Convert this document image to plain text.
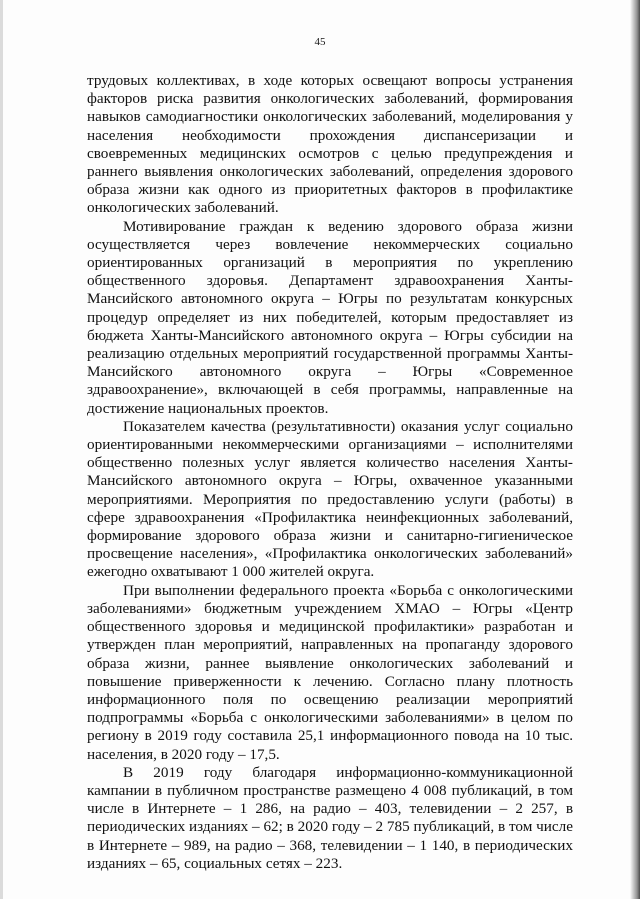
45

трудовых коллективах, в ходе которых освещают вопросы устранения факторов риска развития онкологических заболеваний, формирования навыков самодиагностики онкологических заболеваний, моделирования у населения необходимости прохождения диспансеризации и своевременных медицинских осмотров с целью предупреждения и раннего выявления онкологических заболеваний, определения здорового образа жизни как одного из приоритетных факторов в профилактике онкологических заболеваний.

Мотивирование граждан к ведению здорового образа жизни осуществляется через вовлечение некоммерческих социально ориентированных организаций в мероприятия по укреплению общественного здоровья. Департамент здравоохранения Ханты-Мансийского автономного округа – Югры по результатам конкурсных процедур определяет из них победителей, которым предоставляет из бюджета Ханты-Мансийского автономного округа – Югры субсидии на реализацию отдельных мероприятий государственной программы Ханты-Мансийского автономного округа – Югры «Современное здравоохранение», включающей в себя программы, направленные на достижение национальных проектов.

Показателем качества (результативности) оказания услуг социально ориентированными некоммерческими организациями – исполнителями общественно полезных услуг является количество населения Ханты-Мансийского автономного округа – Югры, охваченное указанными мероприятиями. Мероприятия по предоставлению услуги (работы) в сфере здравоохранения «Профилактика неинфекционных заболеваний, формирование здорового образа жизни и санитарно-гигиеническое просвещение населения», «Профилактика онкологических заболеваний» ежегодно охватывают 1 000 жителей округа.

При выполнении федерального проекта «Борьба с онкологическими заболеваниями» бюджетным учреждением ХМАО – Югры «Центр общественного здоровья и медицинской профилактики» разработан и утвержден план мероприятий, направленных на пропаганду здорового образа жизни, раннее выявление онкологических заболеваний и повышение приверженности к лечению. Согласно плану плотность информационного поля по освещению реализации мероприятий подпрограммы «Борьба с онкологическими заболеваниями» в целом по региону в 2019 году составила 25,1 информационного повода на 10 тыс. населения, в 2020 году – 17,5.

В 2019 году благодаря информационно-коммуникационной кампании в публичном пространстве размещено 4 008 публикаций, в том числе в Интернете – 1 286, на радио – 403, телевидении – 2 257, в периодических изданиях – 62; в 2020 году – 2 785 публикаций, в том числе в Интернете – 989, на радио – 368, телевидении – 1 140, в периодических изданиях – 65, социальных сетях – 223.
